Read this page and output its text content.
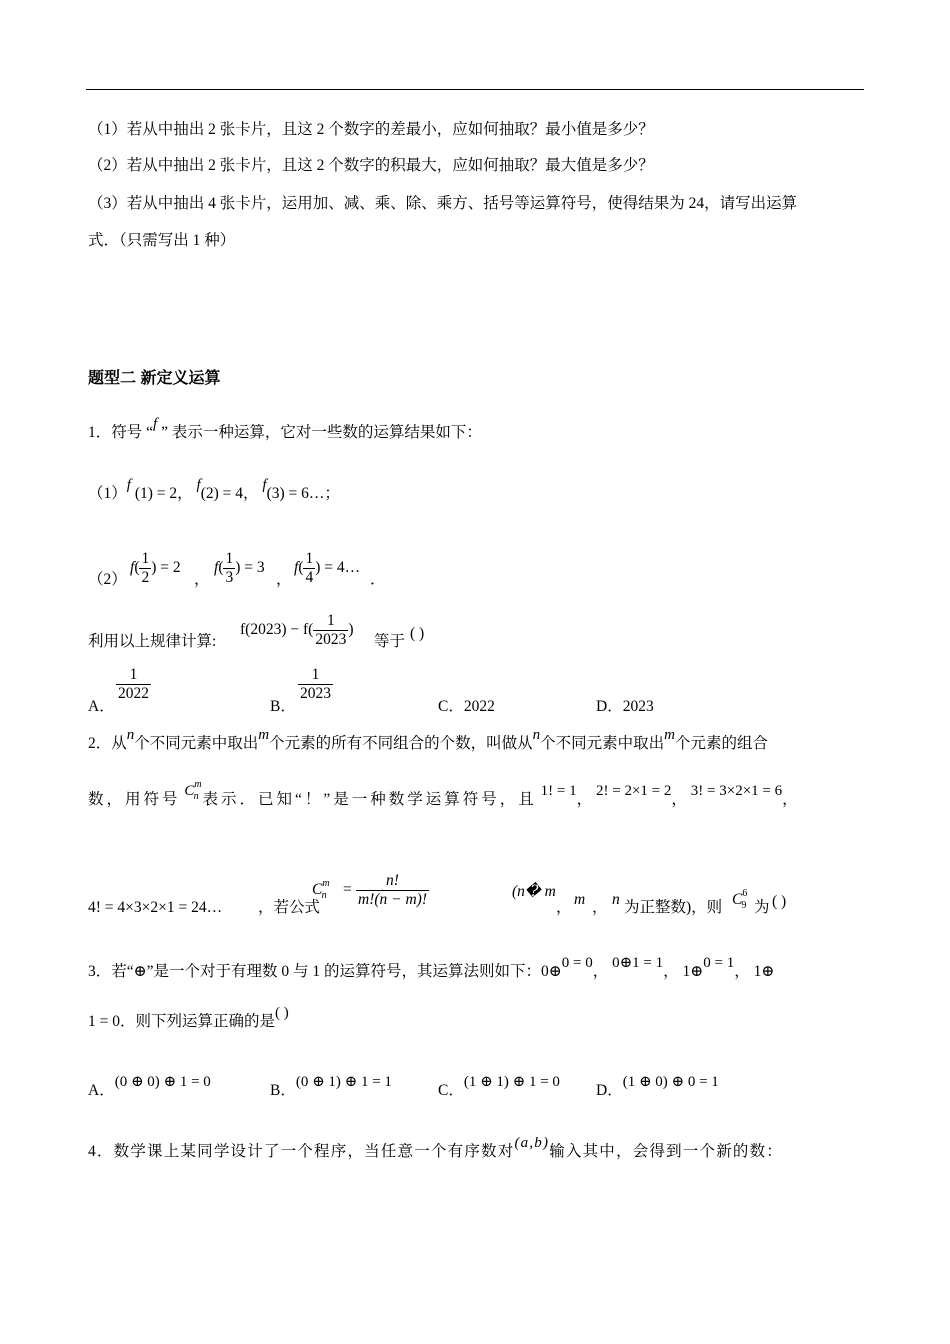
（1）若从中抽出 2 张卡片，且这 2 个数字的差最小，应如何抽取？最小值是多少？
（2）若从中抽出 2 张卡片，且这 2 个数字的积最大，应如何抽取？最大值是多少？
（3）若从中抽出 4 张卡片，运用加、减、乘、除、乘方、括号等运算符号，使得结果为 24，请写出运算
式．（只需写出 1 种）
题型二 新定义运算
1．符号 “f ” 表示一种运算，它对一些数的运算结果如下：
（1）f (1) = 2， f(2) = 4， f(3) = 6…；
（2）
$f( \frac{1}{2}$ ) = 2
，
$f( \frac{1}{3}$ ) = 3
，
$f( \frac{1}{4}$ ) = 4…
．
利用以上规律计算:
$f(2023) - f( \frac{1}{2023}$ )
等于 ( )
A．
$\frac{1}{2022}$
B．
$\frac{1}{2023}$
C．2022	D．2023
2．从n个不同元素中取出m个元素的所有不同组合的个数，叫做从n个不同元素中取出m个元素的组合
数，用符号 $C^m_n$ 表示．已知“！”是一种数学运算符号，且 1! = 1， 2! = 2×1 = 2， 3! = 3×2×1 = 6，
4! = 4×3×2×1 = 24… ，若公式
$C^m_n = \frac{n!}{m!(n - m)!}$	(n� m
， m ， n 为正整数)，则 $C^6_9$ 为 ( )
3．若“⊕”是一个对于有理数 0 与 1 的运算符号，其运算法则如下：0⊕0 = 0， 0⊕1 = 1， 1⊕0 = 1， 1⊕
1 = 0．则下列运算正确的是( )
A．(0 ⊕ 0) ⊕ 1 = 0	B．(0 ⊕ 1) ⊕ 1 = 1	C．(1 ⊕ 1) ⊕ 1 = 0 D．(1 ⊕ 0) ⊕ 0 = 1
4．数学课上某同学设计了一个程序，当任意一个有序数对(a,b)输入其中，会得到一个新的数：
